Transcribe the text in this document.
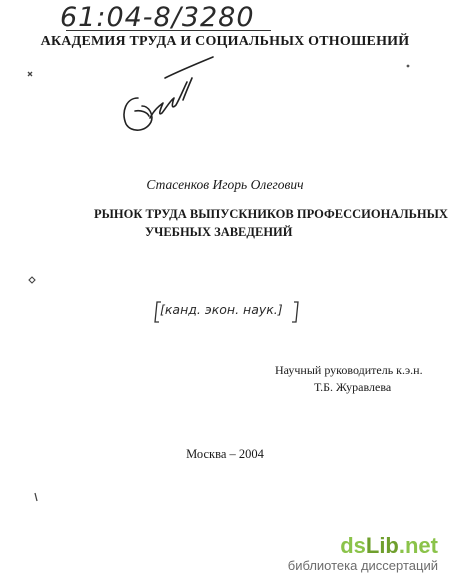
61:04-8/3280
АКАДЕМИЯ ТРУДА И СОЦИАЛЬНЫХ ОТНОШЕНИЙ
Стасенков Игорь Олегович
РЫНОК ТРУДА ВЫПУСКНИКОВ ПРОФЕССИОНАЛЬНЫХ
УЧЕБНЫХ ЗАВЕДЕНИЙ
[канд. экон. наук.]
Научный руководитель к.э.н.
Т.Б. Журавлева
Москва – 2004
dsLib.net
библиотека диссертаций
